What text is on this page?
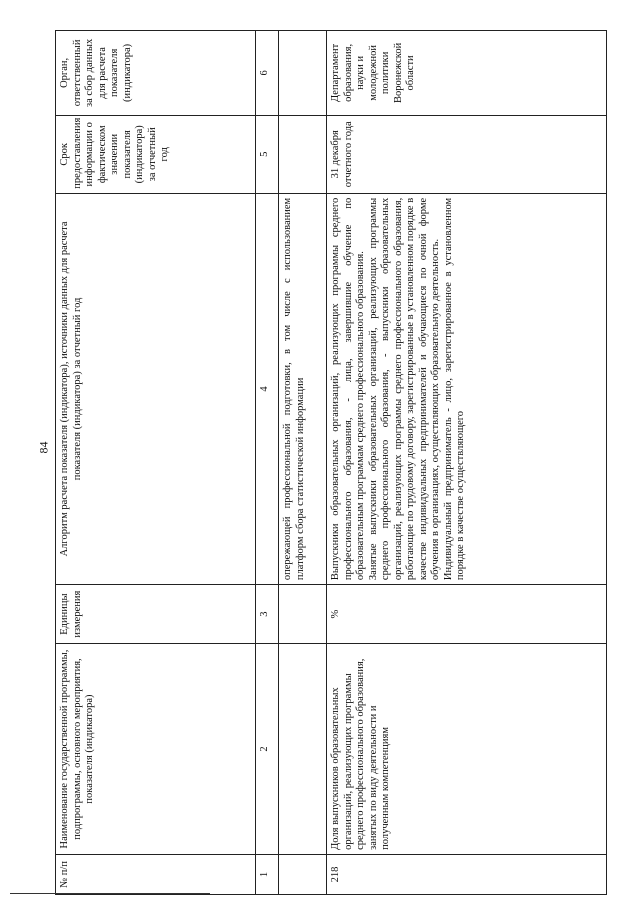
84
№ п/п	Наименование государственной программы, подпрограммы, основного мероприятия, показателя (индикатора)	Единицы измерения	Алгоритм расчета показателя (индикатора), источники данных для расчета показателя (индикатора) за отчетный год	Срок предоставления информации о фактическом значении показателя (индикатора) за отчетный год	Орган, ответственный за сбор данных для расчета показателя (индикатора)
1	2	3	4	5	6
			опережающей профессиональной подготовки, в том числе с использованием платформ сбора статистической информации		
218	Доля выпускников образовательных организаций, реализующих программы среднего профессионального образования, занятых по виду деятельности и полученным компетенциям	%	Выпускники образовательных организаций, реализующих программы среднего профессионального образования, - лица, завершившие обучение по образовательным программам среднего профессионального образования. Занятые выпускники образовательных организаций, реализующих программы среднего профессионального образования, - выпускники образовательных организаций, реализующих программы среднего профессионального образования, работающие по трудовому договору, зарегистрированные в установленном порядке в качестве индивидуальных предпринимателей и обучающиеся по очной форме обучения в организациях, осуществляющих образовательную деятельность. Индивидуальный предприниматель - лицо, зарегистрированное в установленном порядке в качестве осуществляющего	31 декабря отчетного года	Департамент образования, науки и молодежной политики Воронежской области
